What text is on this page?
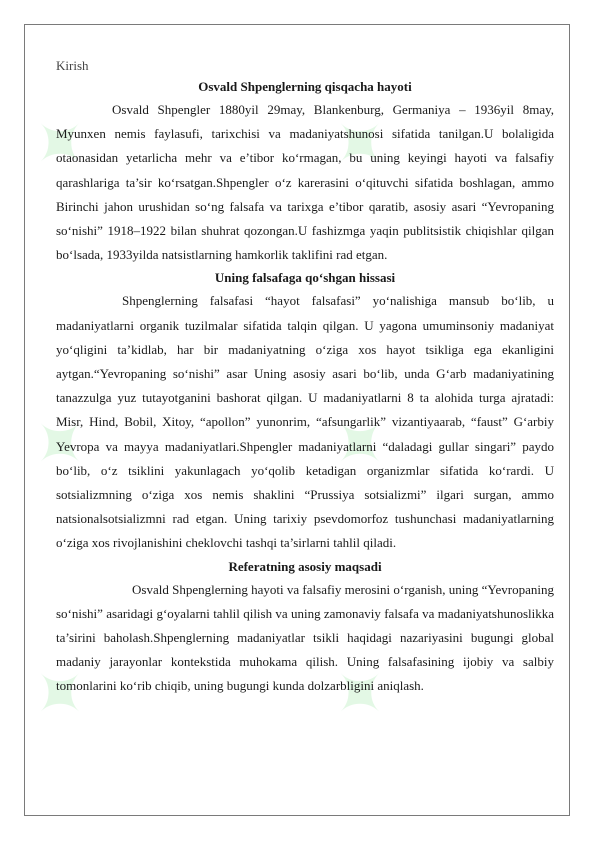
✦	✦
✦	✦
✦	✦

Kirish

Osvald Shpenglerning qisqacha hayoti

Osvald Shpengler 1880yil 29may, Blankenburg, Germaniya – 1936yil 8may, Myunxen nemis faylasufi, tarixchisi va madaniyatshunosi sifatida tanilgan.U bolaligida otaonasidan yetarlicha mehr va e’tibor ko‘rmagan, bu uning keyingi hayoti va falsafiy qarashlariga ta’sir ko‘rsatgan.Shpengler o‘z karerasini o‘qituvchi sifatida boshlagan, ammo Birinchi jahon urushidan so‘ng falsafa va tarixga e’tibor qaratib, asosiy asari “Yevropaning so‘nishi” 1918–1922 bilan shuhrat qozongan.U fashizmga yaqin publitsistik chiqishlar qilgan bo‘lsada, 1933yilda natsistlarning hamkorlik taklifini rad etgan.

Uning falsafaga qo‘shgan hissasi

Shpenglerning falsafasi “hayot falsafasi” yo‘nalishiga mansub bo‘lib, u madaniyatlarni organik tuzilmalar sifatida talqin qilgan. U yagona umuminsoniy madaniyat yo‘qligini ta’kidlab, har bir madaniyatning o‘ziga xos hayot tsikliga ega ekanligini aytgan.“Yevropaning so‘nishi” asar Uning asosiy asari bo‘lib, unda G‘arb madaniyatining tanazzulga yuz tutayotganini bashorat qilgan. U madaniyatlarni 8 ta alohida turga ajratadi: Misr, Hind, Bobil, Xitoy, “apollon” yunonrim, “afsungarlik” vizantiyaarab, “faust” G‘arbiy Yevropa va mayya madaniyatlari.Shpengler madaniyatlarni “daladagi gullar singari” paydo bo‘lib, o‘z tsiklini yakunlagach yo‘qolib ketadigan organizmlar sifatida ko‘rardi. U sotsializmning o‘ziga xos nemis shaklini “Prussiya sotsializmi” ilgari surgan, ammo natsionalsotsializmni rad etgan. Uning tarixiy psevdomorfoz tushunchasi madaniyatlarning o‘ziga xos rivojlanishini cheklovchi tashqi ta’sirlarni tahlil qiladi.

Referatning asosiy maqsadi

Osvald Shpenglerning hayoti va falsafiy merosini o‘rganish, uning “Yevropaning so‘nishi” asaridagi g‘oyalarni tahlil qilish va uning zamonaviy falsafa va madaniyatshunoslikka ta’sirini baholash.Shpenglerning madaniyatlar tsikli haqidagi nazariyasini bugungi global madaniy jarayonlar kontekstida muhokama qilish. Uning falsafasining ijobiy va salbiy tomonlarini ko‘rib chiqib, uning bugungi kunda dolzarbligini aniqlash.
